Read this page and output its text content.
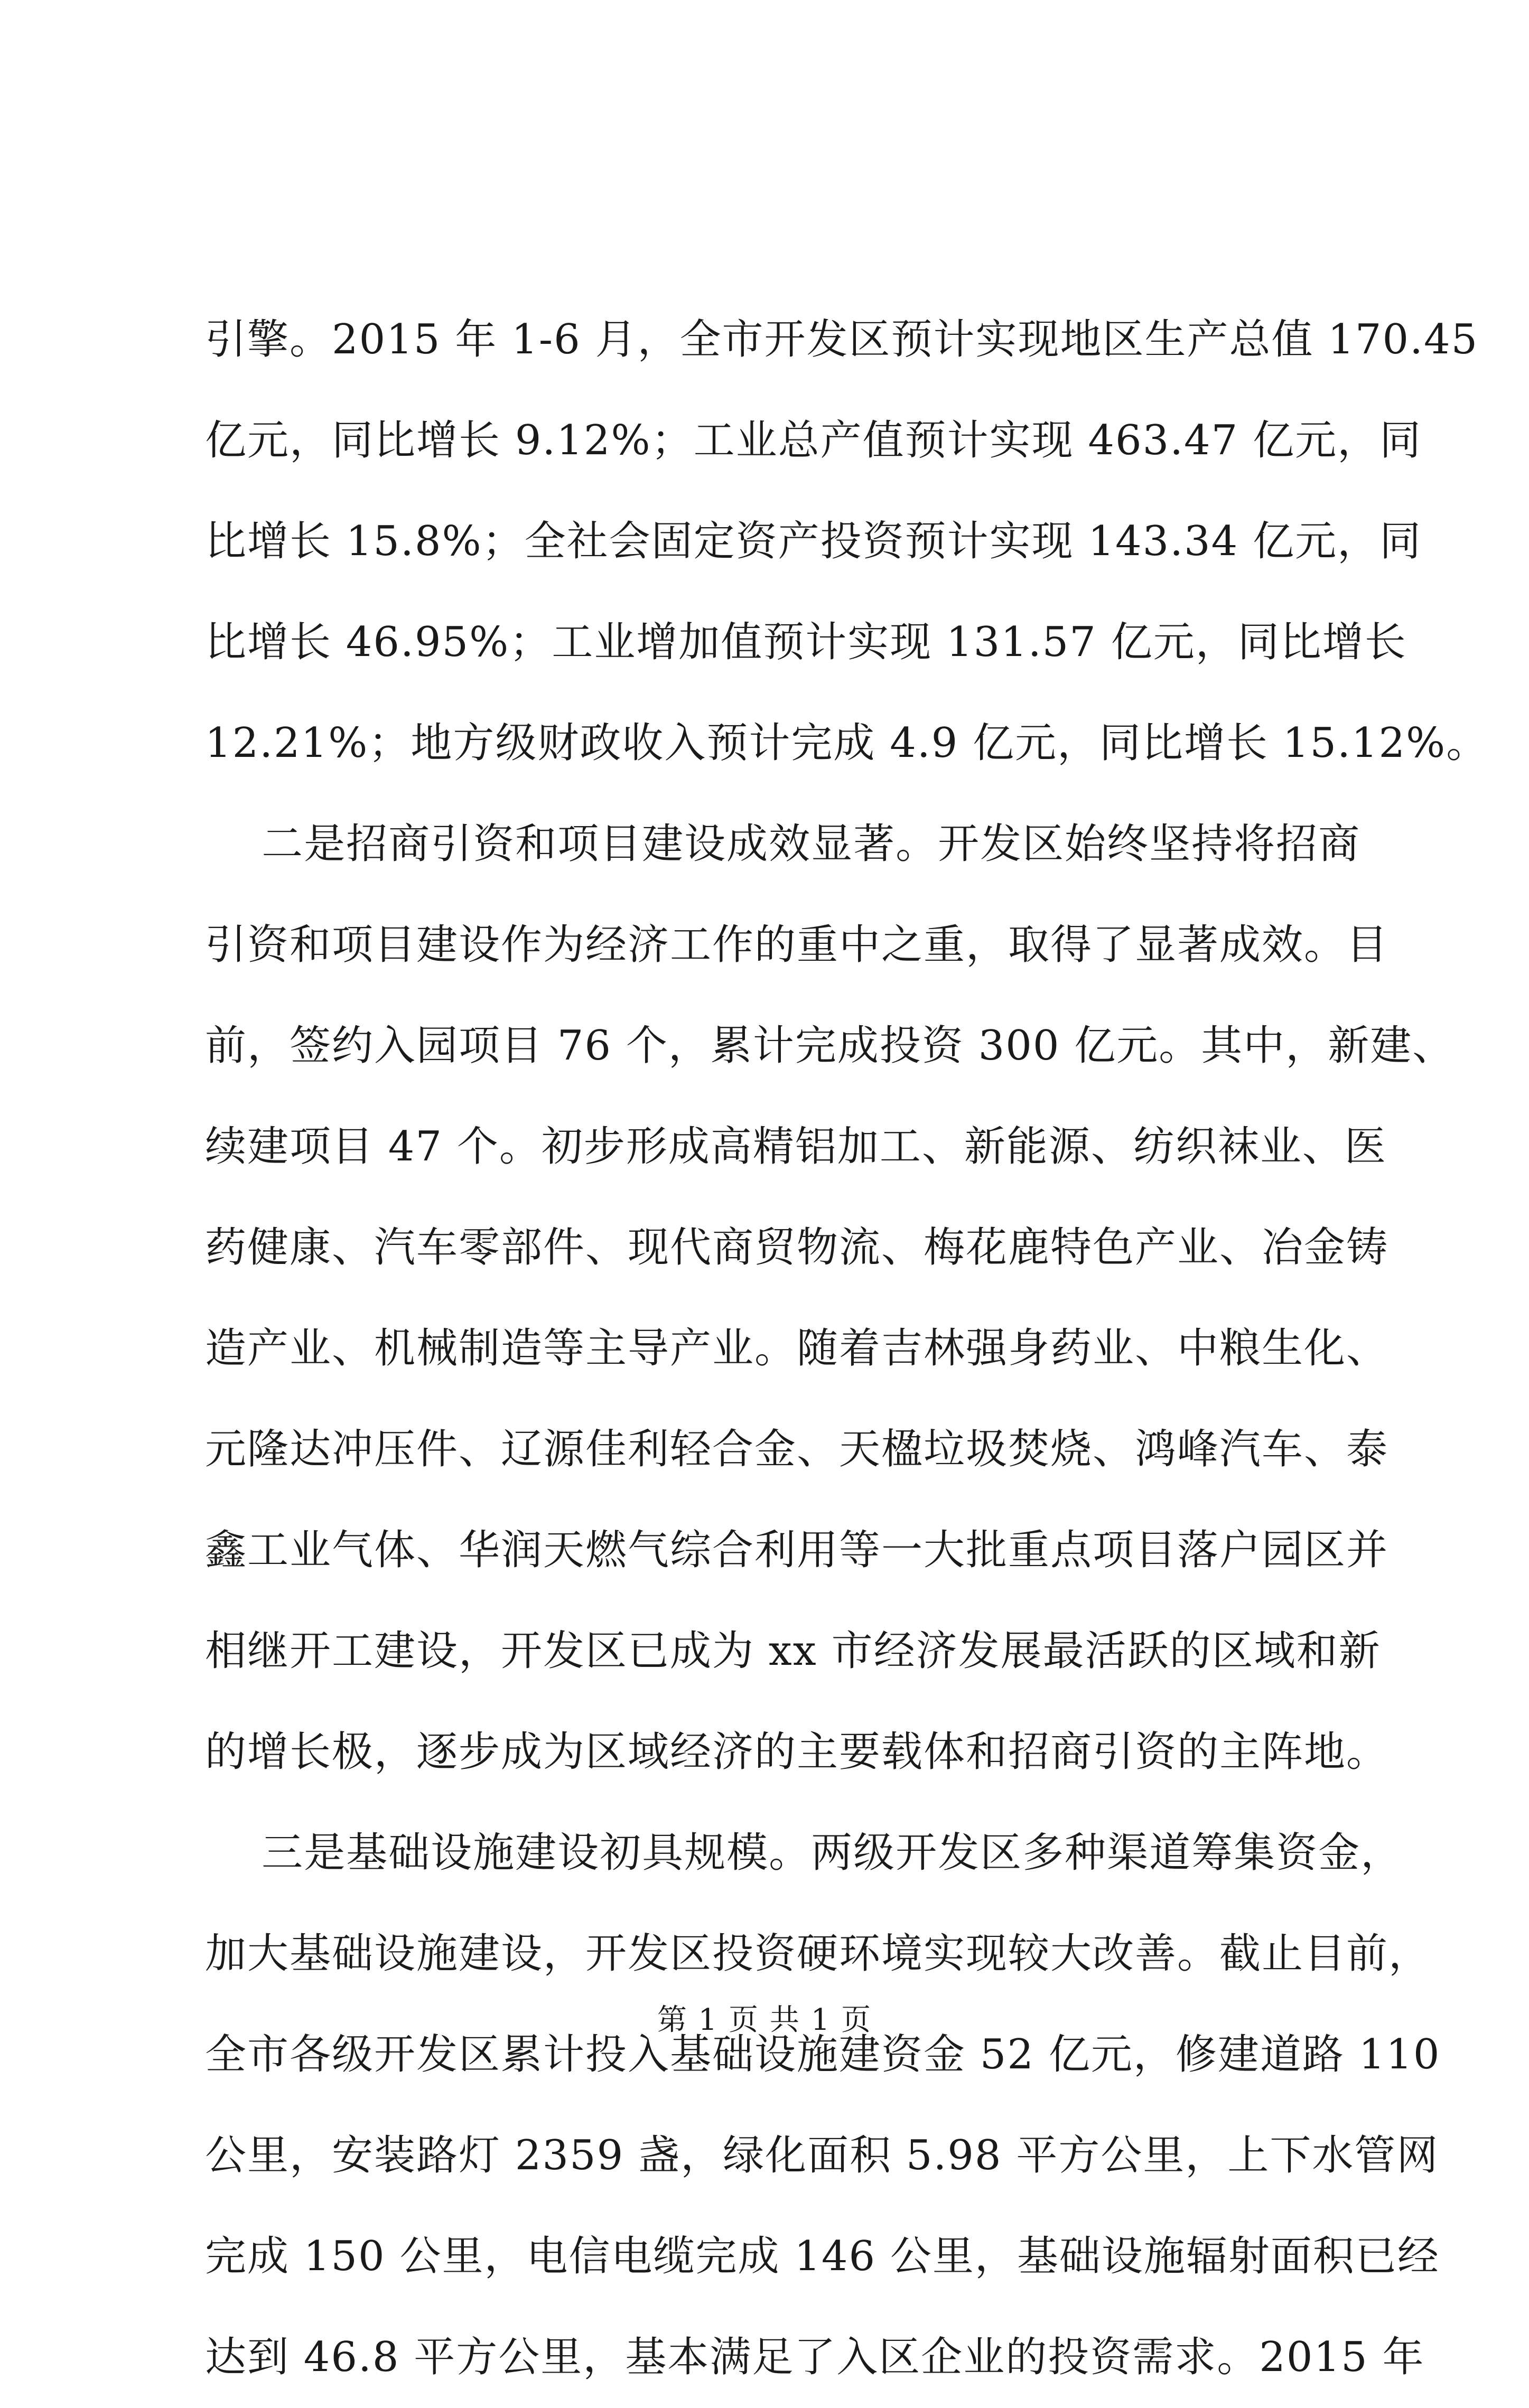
引擎。2015 年 1-6 月，全市开发区预计实现地区生产总值 170.45
亿元，同比增长 9.12%；工业总产值预计实现 463.47 亿元，同
比增长 15.8%；全社会固定资产投资预计实现 143.34 亿元，同
比增长 46.95%；工业增加值预计实现 131.57 亿元，同比增长
12.21%；地方级财政收入预计完成 4.9 亿元，同比增长 15.12%。
二是招商引资和项目建设成效显著。开发区始终坚持将招商
引资和项目建设作为经济工作的重中之重，取得了显著成效。目
前，签约入园项目 76 个，累计完成投资 300 亿元。其中，新建、
续建项目 47 个。初步形成高精铝加工、新能源、纺织袜业、医
药健康、汽车零部件、现代商贸物流、梅花鹿特色产业、冶金铸
造产业、机械制造等主导产业。随着吉林强身药业、中粮生化、
元隆达冲压件、辽源佳利轻合金、天楹垃圾焚烧、鸿峰汽车、泰
鑫工业气体、华润天燃气综合利用等一大批重点项目落户园区并
相继开工建设，开发区已成为 xx 市经济发展最活跃的区域和新
的增长极，逐步成为区域经济的主要载体和招商引资的主阵地。
三是基础设施建设初具规模。两级开发区多种渠道筹集资金，
加大基础设施建设，开发区投资硬环境实现较大改善。截止目前，
全市各级开发区累计投入基础设施建资金 52 亿元，修建道路 110
公里，安装路灯 2359 盏，绿化面积 5.98 平方公里，上下水管网
完成 150 公里，电信电缆完成 146 公里，基础设施辐射面积已经
达到 46.8 平方公里，基本满足了入区企业的投资需求。2015 年
第 1 页 共 1 页
